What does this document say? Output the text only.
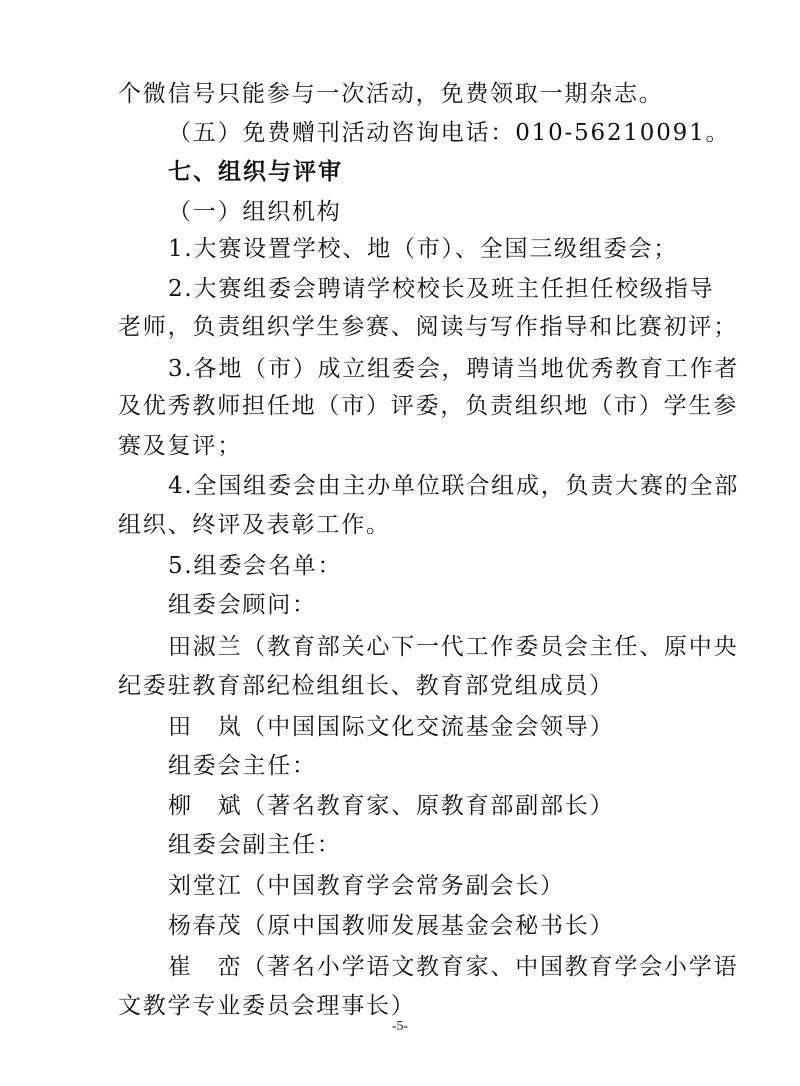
个微信号只能参与一次活动，免费领取一期杂志。
（五）免费赠刊活动咨询电话：010-56210091。
七、组织与评审
（一）组织机构
1.大赛设置学校、地（市）、全国三级组委会；
2.大赛组委会聘请学校校长及班主任担任校级指导
老师，负责组织学生参赛、阅读与写作指导和比赛初评；
3.各地（市）成立组委会，聘请当地优秀教育工作者
及优秀教师担任地（市）评委，负责组织地（市）学生参
赛及复评；
4.全国组委会由主办单位联合组成，负责大赛的全部
组织、终评及表彰工作。
5.组委会名单：
组委会顾问：
田淑兰（教育部关心下一代工作委员会主任、原中央
纪委驻教育部纪检组组长、教育部党组成员）
田　岚（中国国际文化交流基金会领导）
组委会主任：
柳　斌（著名教育家、原教育部副部长）
组委会副主任：
刘堂江（中国教育学会常务副会长）
杨春茂（原中国教师发展基金会秘书长）
崔　峦（著名小学语文教育家、中国教育学会小学语
文教学专业委员会理事长）
-5-
